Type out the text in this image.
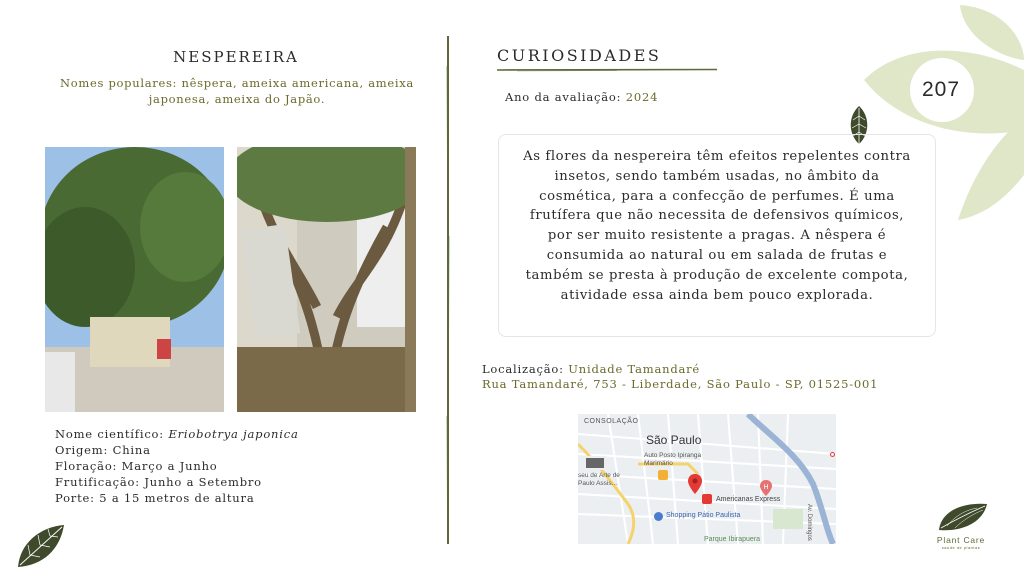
207
NESPEREIRA
Nomes populares: nêspera, ameixa americana, ameixa japonesa, ameixa do Japão.
Nome científico: Eriobotrya japonica
Origem: China
Floração: Março a Junho
Frutificação: Junho a Setembro
Porte: 5 a 15 metros de altura
CURIOSIDADES
Ano da avaliação: 2024
As flores da nespereira têm efeitos repelentes contra insetos, sendo também usadas, no âmbito da cosmética, para a confecção de perfumes. É uma frutífera que não necessita de defensivos químicos, por ser muito resistente a pragas. A nêspera é consumida ao natural ou em salada de frutas e também se presta à produção de excelente compota, atividade essa ainda bem pouco explorada.
Localização: Unidade Tamandaré
Rua Tamandaré, 753 - Liberdade, São Paulo - SP, 01525-001
CONSOLAÇÃO
São Paulo
Auto Posto Ipiranga Marimário
seu de Arte de Paulo Assis...
Americanas Express
H
Shopping Pátio Paulista
Parque Ibirapuera	Av. Domingos	Plant Care
saúde de plantas
